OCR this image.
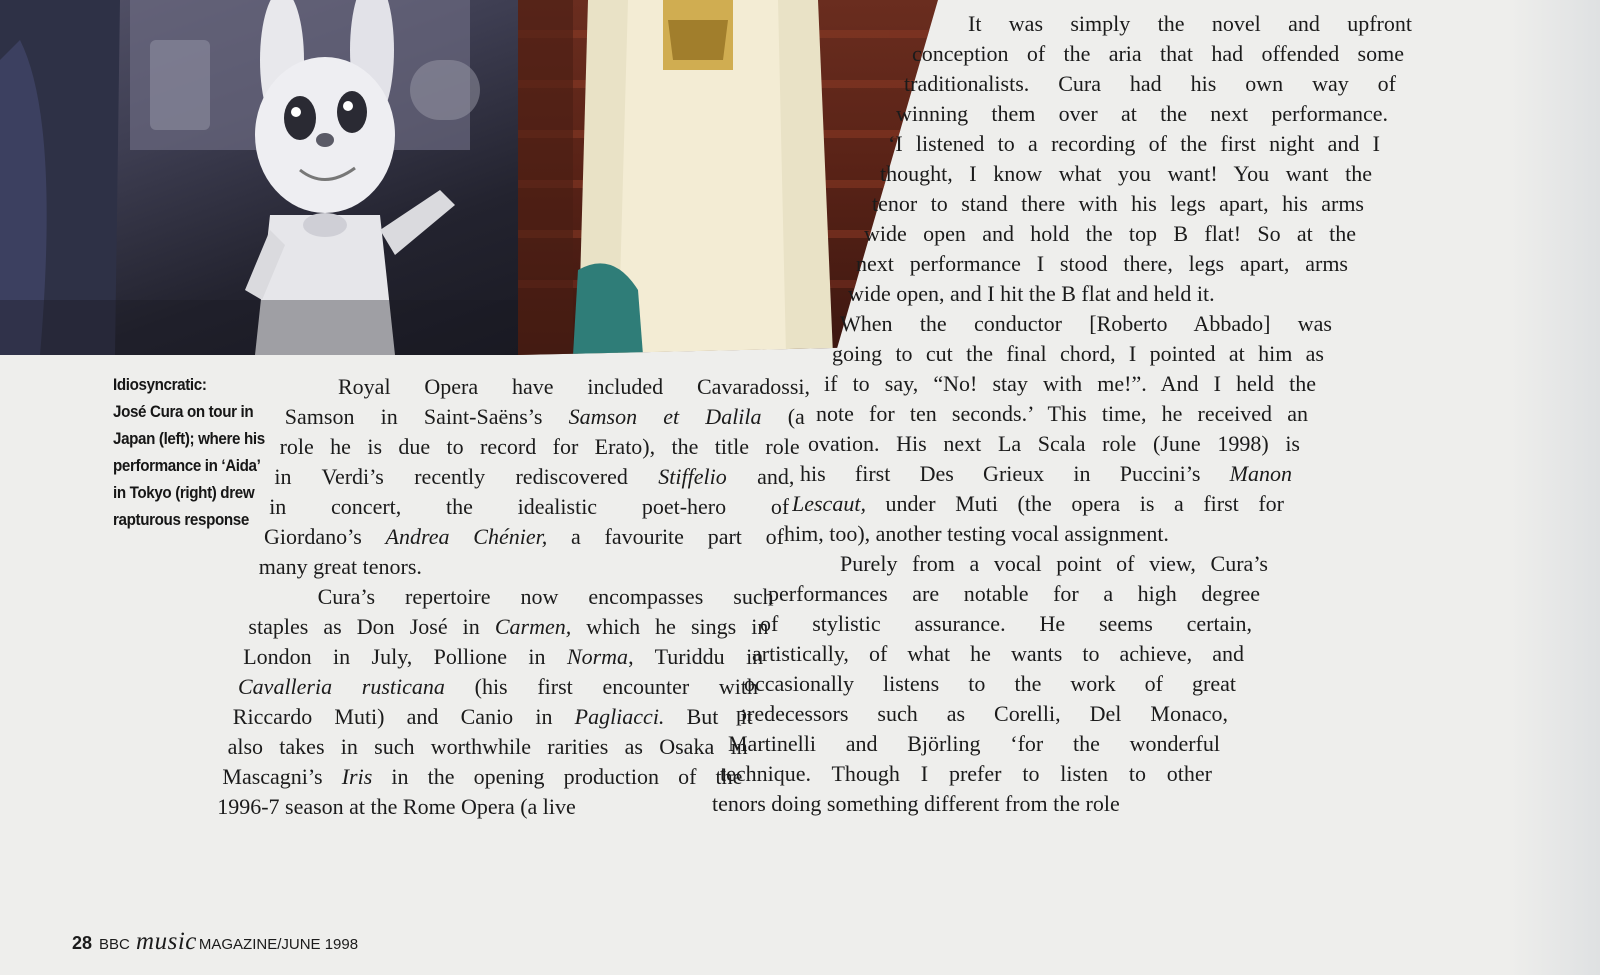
Idiosyncratic:
José Cura on tour in
Japan (left); where his
performance in ‘Aida’
in Tokyo (right) drew
rapturous response
Royal Opera have included Cavaradossi,
Samson in Saint-Saëns’s Samson et Dalila (a
role he is due to record for Erato), the title role
in Verdi’s recently rediscovered Stiffelio and,
in concert, the idealistic poet-hero of
Giordano’s Andrea Chénier, a favourite part of
many great tenors.
Cura’s repertoire now encompasses such
staples as Don José in Carmen, which he sings in
London in July, Pollione in Norma, Turiddu in
Cavalleria rusticana (his first encounter with
Riccardo Muti) and Canio in Pagliacci. But it
also takes in such worthwhile rarities as Osaka in
Mascagni’s Iris in the opening production of the
1996-7 season at the Rome Opera (a live
It was simply the novel and upfront
conception of the aria that had offended some
traditionalists. Cura had his own way of
winning them over at the next performance.
‘I listened to a recording of the first night and I
thought, I know what you want! You want the
tenor to stand there with his legs apart, his arms
wide open and hold the top B flat! So at the
next performance I stood there, legs apart, arms
wide open, and I hit the B flat and held it.
When the conductor [Roberto Abbado] was
going to cut the final chord, I pointed at him as
if to say, “No! stay with me!”. And I held the
note for ten seconds.’ This time, he received an
ovation. His next La Scala role (June 1998) is
his first Des Grieux in Puccini’s Manon
Lescaut, under Muti (the opera is a first for
him, too), another testing vocal assignment.
Purely from a vocal point of view, Cura’s
performances are notable for a high degree
of stylistic assurance. He seems certain,
artistically, of what he wants to achieve, and
occasionally listens to the work of great
predecessors such as Corelli, Del Monaco,
Martinelli and Björling ‘for the wonderful
technique. Though I prefer to listen to other
tenors doing something different from the role
28 BBC music MAGAZINE/JUNE 1998
